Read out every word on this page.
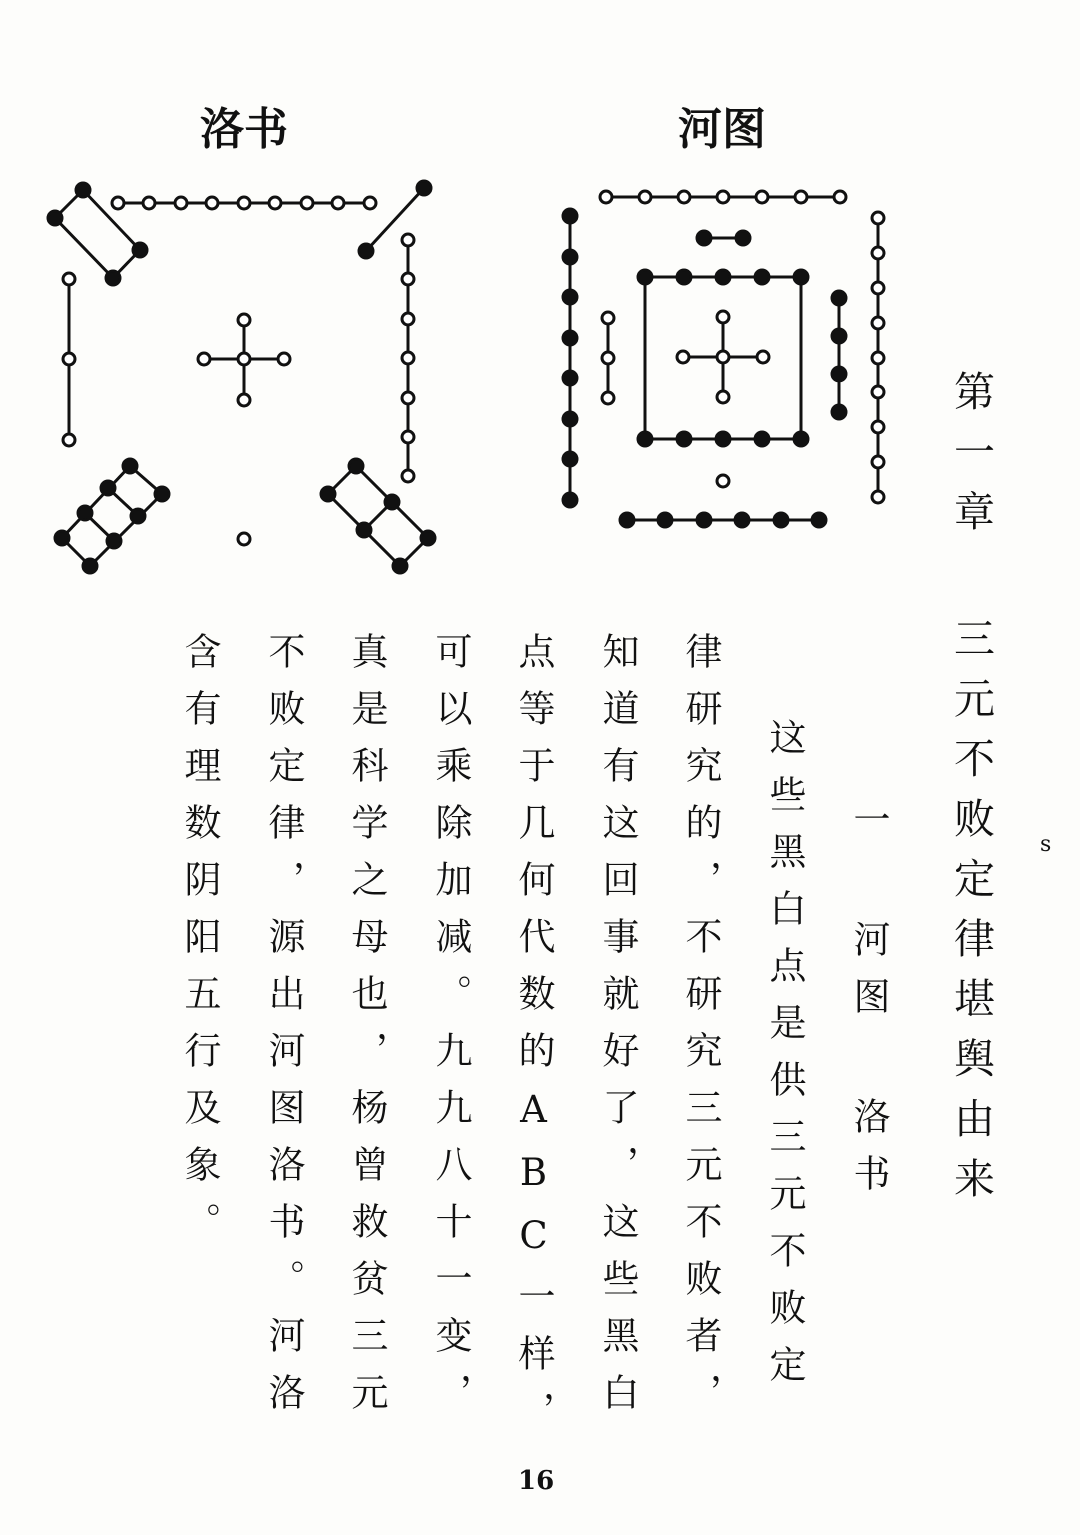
洛书	河图
第一章 三元不败定律堪舆由来
一 河图 洛书
这些黑白点是供三元不败定
律研究的，不研究三元不败者，
知道有这回事就好了，这些黑白
点等于几何代数的ABC一样，
可以乘除加减。九九八十一变，
真是科学之母也，杨曾救贫三元
不败定律，源出河图洛书。河洛
含有理数阴阳五行及象。	s
16
